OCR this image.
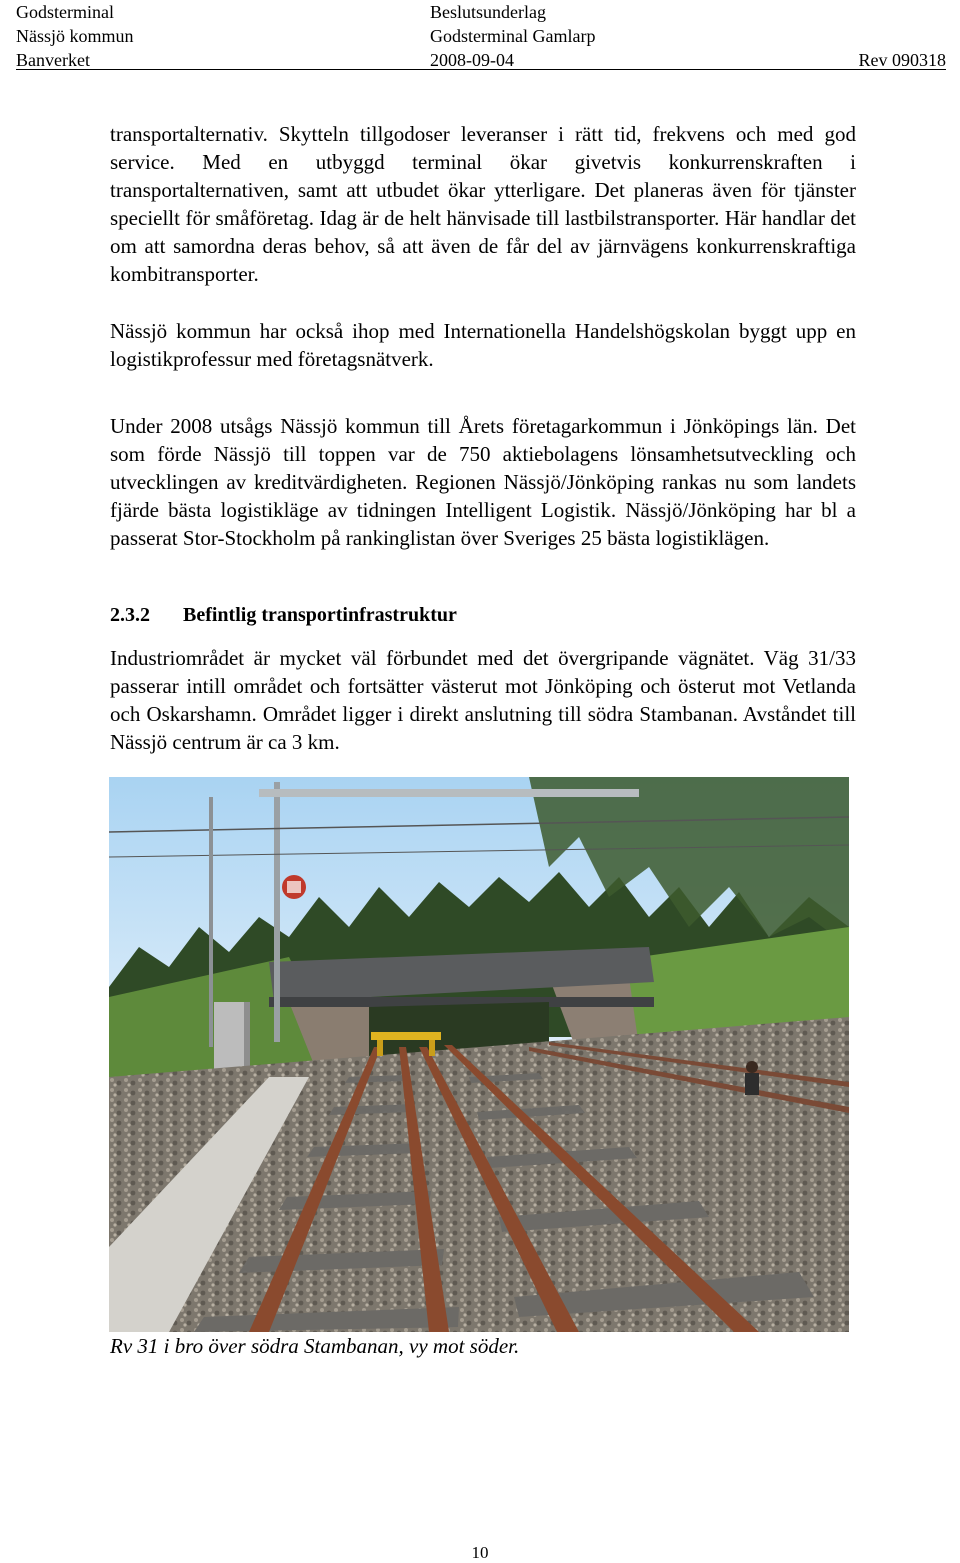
Godsterminal	Beslutsunderlag
Nässjö kommun	Godsterminal Gamlarp
Banverket	2008-09-04	Rev 090318

transportalternativ. Skytteln tillgodoser leveranser i rätt tid, frekvens och med god service. Med en utbyggd terminal ökar givetvis konkurrenskraften i transportalternativen, samt att utbudet ökar ytterligare. Det planeras även för tjänster speciellt för småföretag. Idag är de helt hänvisade till lastbilstransporter. Här handlar det om att samordna deras behov, så att även de får del av järnvägens konkurrenskraftiga kombitransporter.

Nässjö kommun har också ihop med Internationella Handelshögskolan byggt upp en logistikprofessur med företagsnätverk.

Under 2008 utsågs Nässjö kommun till Årets företagarkommun i Jönköpings län. Det som förde Nässjö till toppen var de 750 aktiebolagens lönsamhetsutveckling och utvecklingen av kreditvärdigheten. Regionen Nässjö/Jönköping rankas nu som landets fjärde bästa logistikläge av tidningen Intelligent Logistik. Nässjö/Jönköping har bl a passerat Stor-Stockholm på rankinglistan över Sveriges 25 bästa logistiklägen.

2.3.2 Befintlig transportinfrastruktur

Industriområdet är mycket väl förbundet med det övergripande vägnätet. Väg 31/33 passerar intill området och fortsätter västerut mot Jönköping och österut mot Vetlanda och Oskarshamn. Området ligger i direkt anslutning till södra Stambanan. Avståndet till Nässjö centrum är ca 3 km.

Rv 31 i bro över södra Stambanan, vy mot söder.
10
